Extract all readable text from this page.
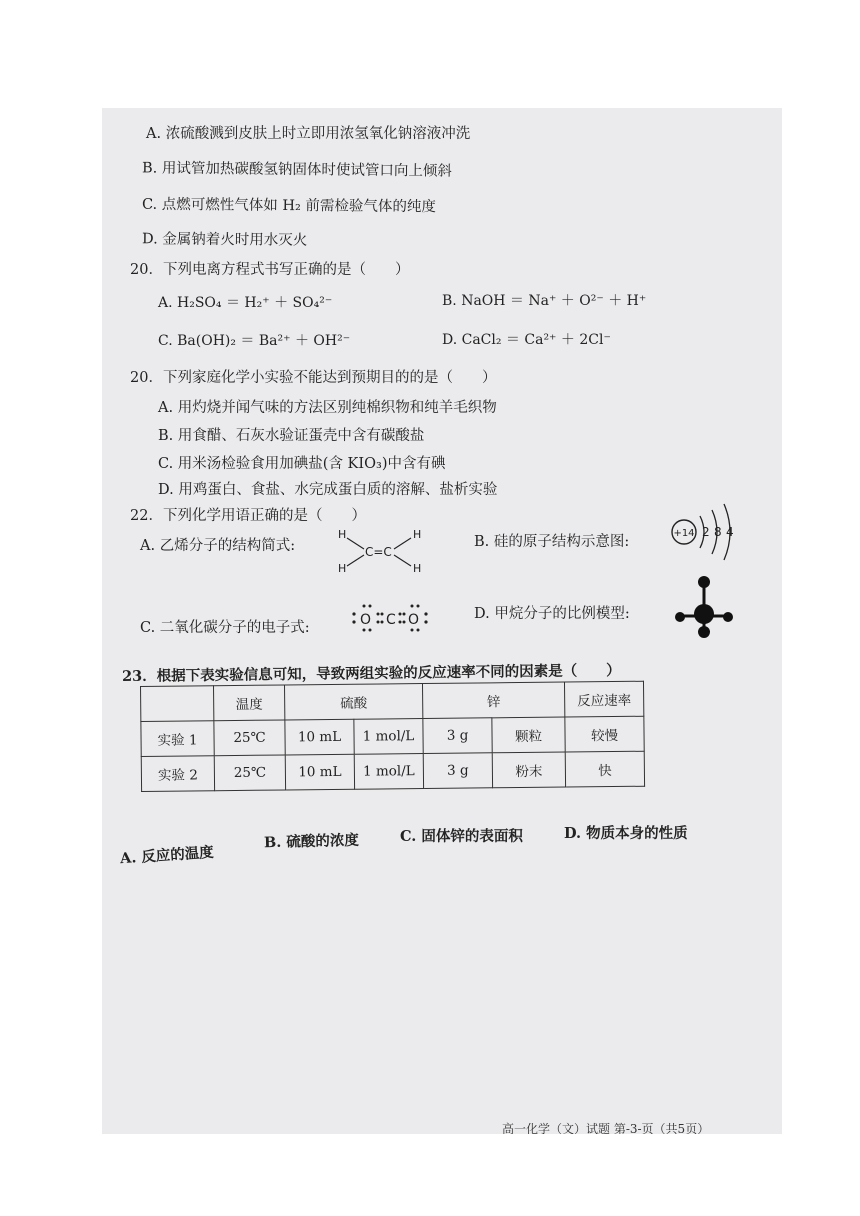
A. 浓硫酸溅到皮肤上时立即用浓氢氧化钠溶液冲洗
B. 用试管加热碳酸氢钠固体时使试管口向上倾斜
C. 点燃可燃性气体如 H₂ 前需检验气体的纯度
D. 金属钠着火时用水灭火
20．下列电离方程式书写正确的是（　　）
A. H₂SO₄ ＝ H₂⁺ ＋ SO₄²⁻	B. NaOH ＝ Na⁺ ＋ O²⁻ ＋ H⁺
C. Ba(OH)₂ ＝ Ba²⁺ ＋ OH²⁻	D. CaCl₂ ＝ Ca²⁺ ＋ 2Cl⁻
20．下列家庭化学小实验不能达到预期目的的是（　　）
A. 用灼烧并闻气味的方法区别纯棉织物和纯羊毛织物
B. 用食醋、石灰水验证蛋壳中含有碳酸盐
C. 用米汤检验食用加碘盐(含 KIO₃)中含有碘
D. 用鸡蛋白、食盐、水完成蛋白质的溶解、盐析实验
22．下列化学用语正确的是（　　）
A. 乙烯分子的结构简式:
H
H
C=C
H
H
B. 硅的原子结构示意图:
+14 2 8 4
C. 二氧化碳分子的电子式:	O C O	D. 甲烷分子的比例模型:
23．根据下表实验信息可知，导致两组实验的反应速率不同的因素是（　　）
	温度	硫酸		锌		反应速率
实验 1	25℃	10 mL	1 mol/L	3 g	颗粒	较慢
实验 2	25℃	10 mL	1 mol/L	3 g	粉末	快
A. 反应的温度
B. 硫酸的浓度	C. 固体锌的表面积	D. 物质本身的性质
高一化学（文）试题 第-3-页（共5页）
